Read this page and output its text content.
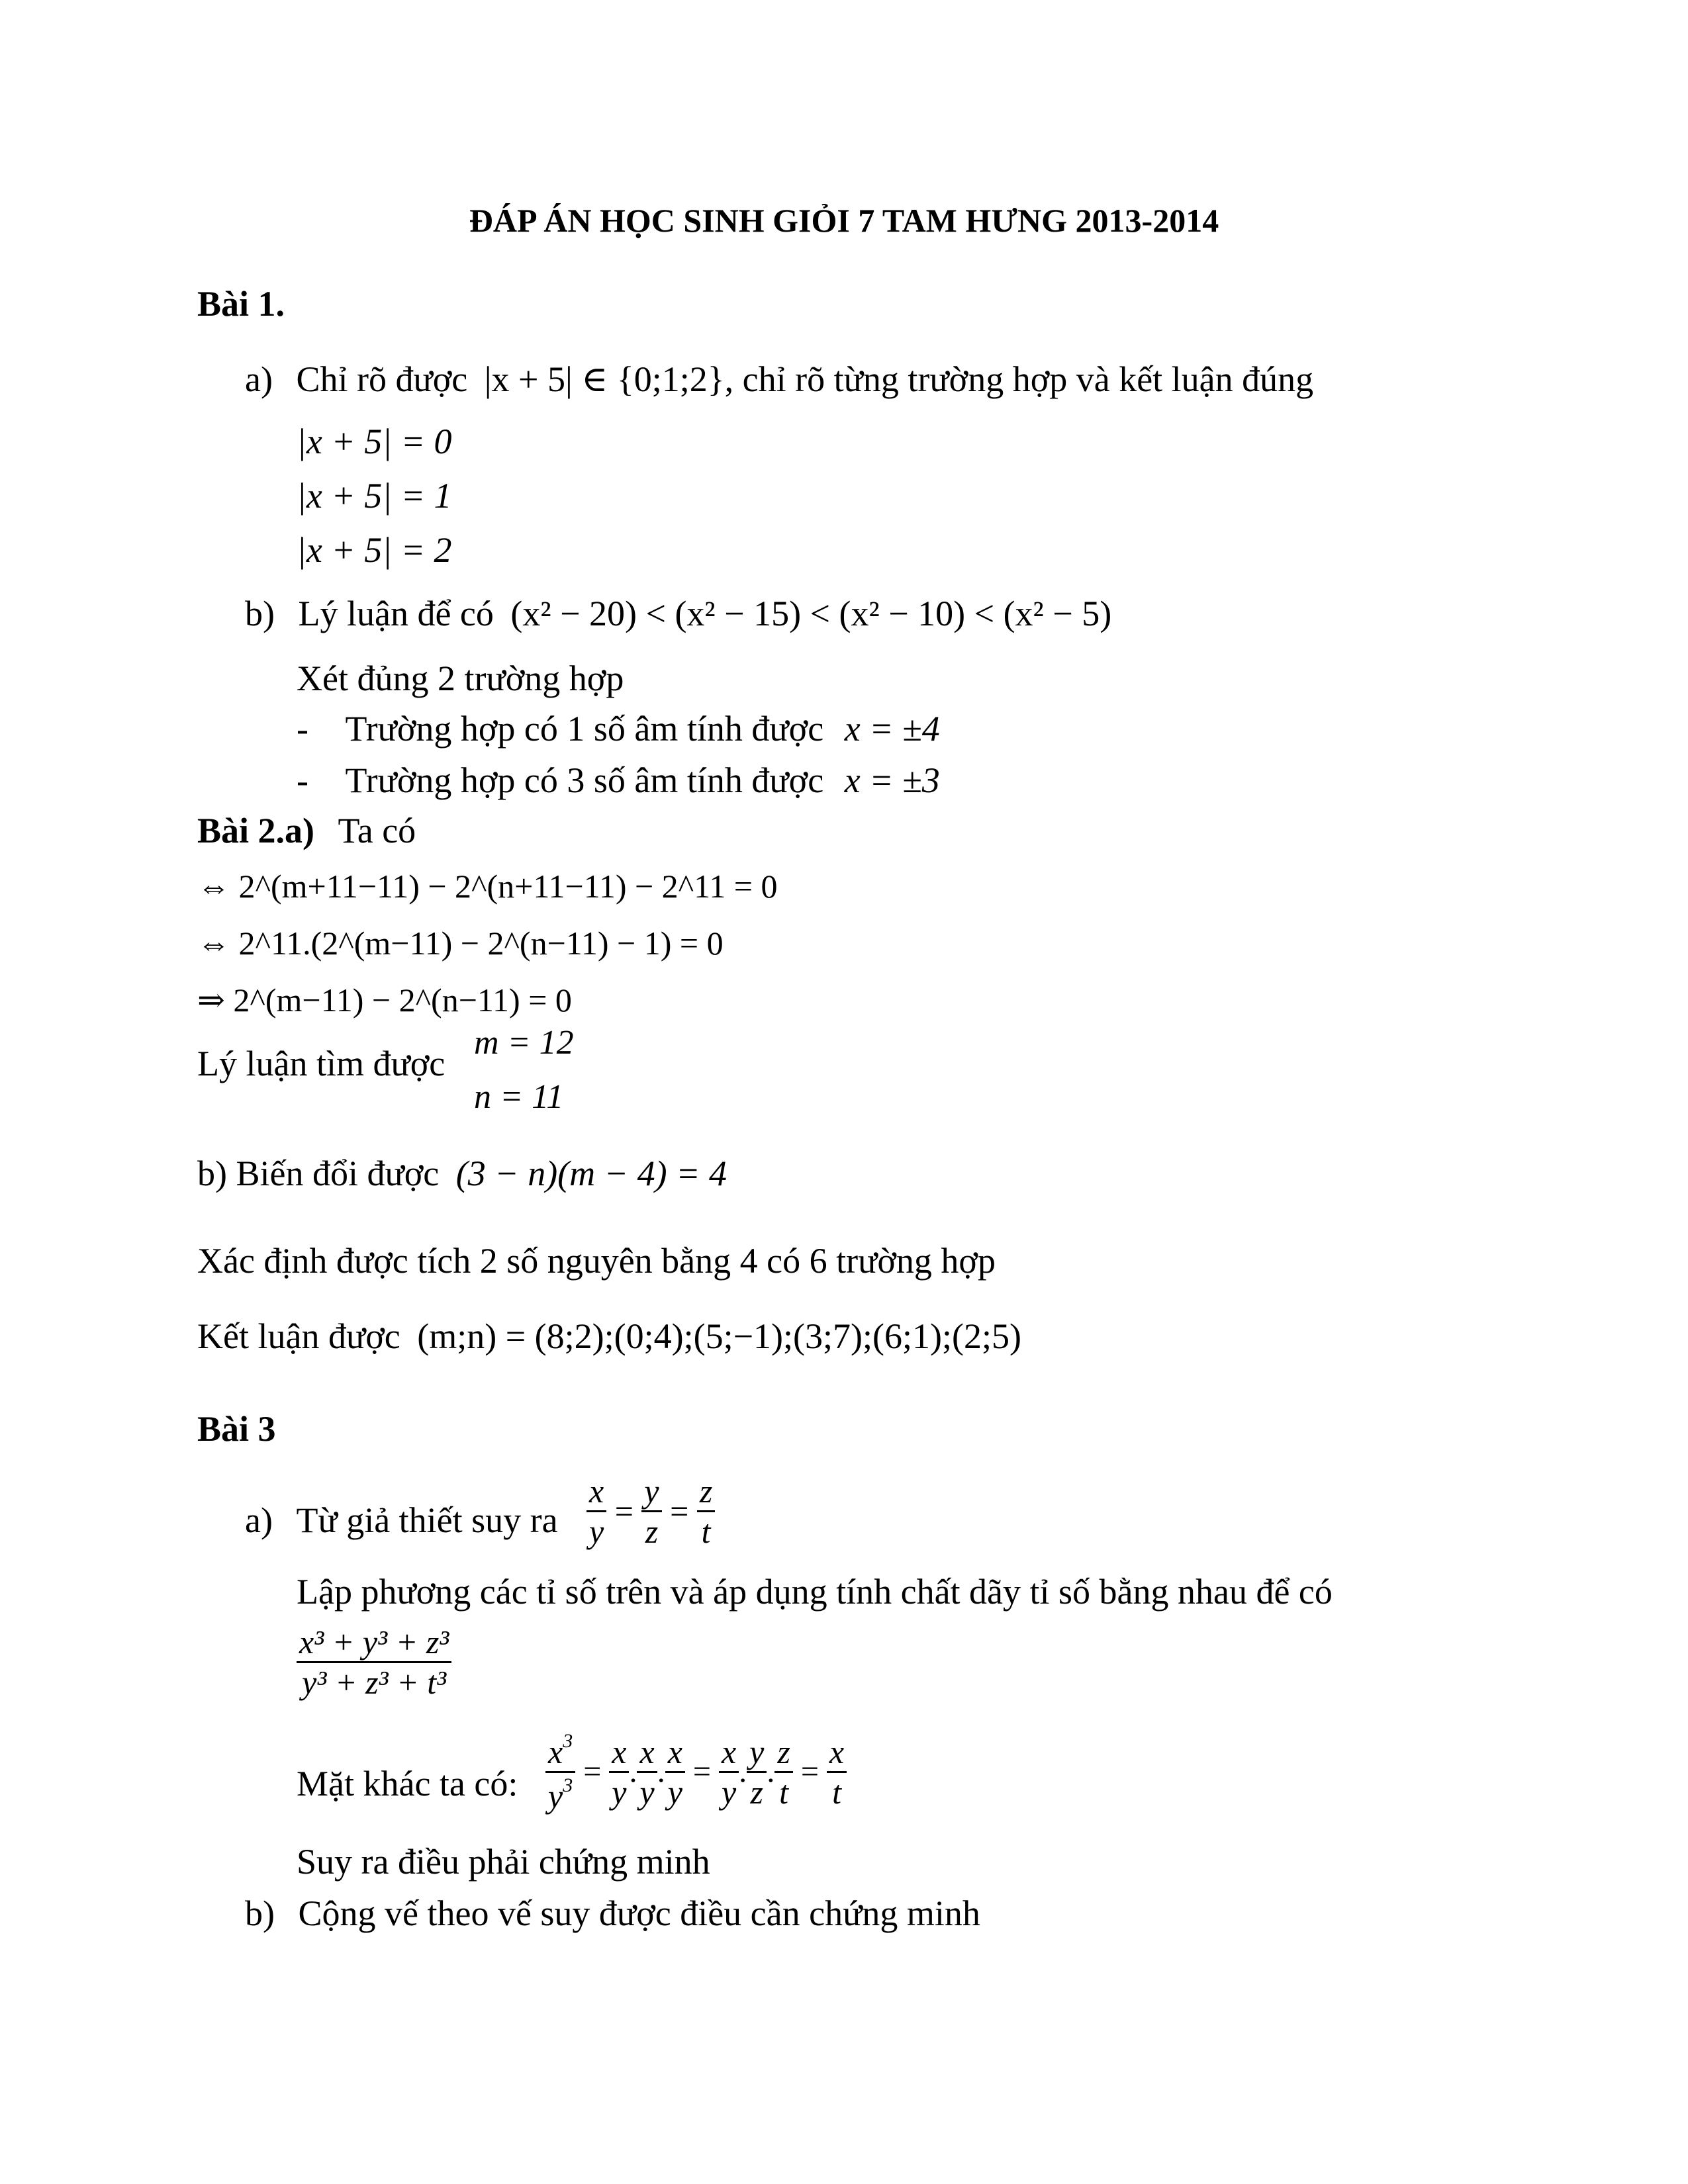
ĐÁP ÁN HỌC SINH GIỎI 7 TAM HƯNG 2013-2014
Bài 1.
a) Chỉ rõ được |x + 5| ∈ {0;1;2}, chỉ rõ từng trường hợp và kết luận đúng
|x + 5| = 0
|x + 5| = 1
|x + 5| = 2
b) Lý luận để có (x² − 20) < (x² − 15) < (x² − 10) < (x² − 5)
Xét đủng 2 trường hợp
- Trường hợp có 1 số âm tính được x = ±4
- Trường hợp có 3 số âm tính được x = ±3
Bài 2.a) Ta có
⇔ 2^(m+11−11) − 2^(n+11−11) − 2^11 = 0
⇔ 2^11.(2^(m−11) − 2^(n−11) − 1) = 0
⇒ 2^(m−11) − 2^(n−11) = 0
Lý luận tìm được
m = 12
n = 11
b) Biến đổi được (3 − n)(m − 4) = 4
Xác định được tích 2 số nguyên bằng 4 có 6 trường hợp
Kết luận được (m;n) = (8;2);(0;4);(5;−1);(3;7);(6;1);(2;5)
Bài 3
a) Từ giả thiết suy ra $\frac{x}{y} = \frac{y}{z} = \frac{z}{t}$
Lập phương các tỉ số trên và áp dụng tính chất dãy tỉ số bằng nhau để có
$\frac{\text{x³ + y³ + z³}}{\text{y³ + z³ + t³}}$
Mặt khác ta có: $\frac{x^3}{y^3} = \frac{x}{y}$ . $\frac{x}{y}$ . $\frac{x}{y} = \frac{x}{y}$ . $\frac{y}{z}$ . $\frac{z}{t} = \frac{x}{t}$
Suy ra điều phải chứng minh
b) Cộng vế theo vế suy được điều cần chứng minh
